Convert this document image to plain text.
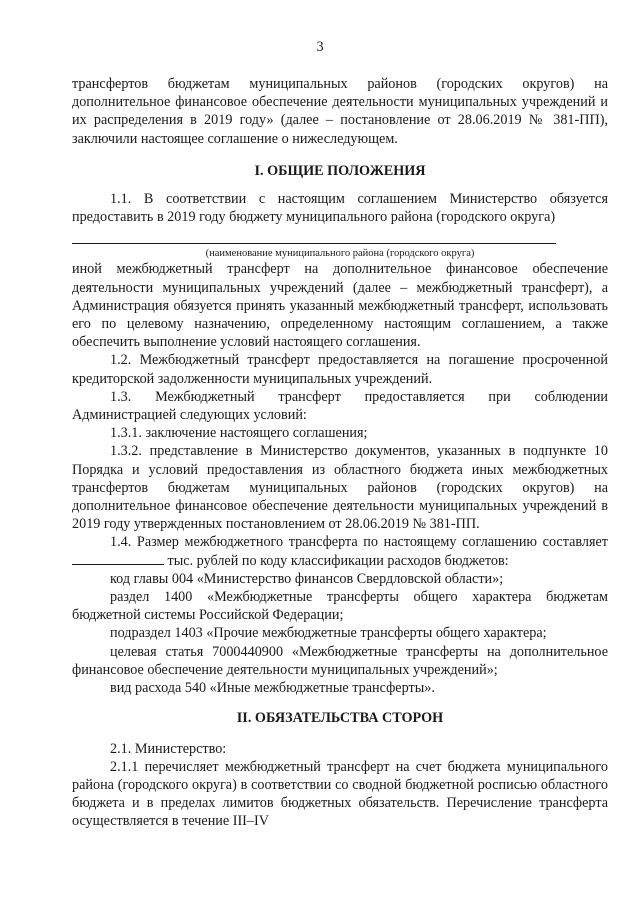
3

трансфертов бюджетам муниципальных районов (городских округов) на дополнительное финансовое обеспечение деятельности муниципальных учреждений и их распределения в 2019 году» (далее – постановление от 28.06.2019 № 381-ПП), заключили настоящее соглашение о нижеследующем.

I. ОБЩИЕ ПОЛОЖЕНИЯ

1.1. В соответствии с настоящим соглашением Министерство обязуется предоставить в 2019 году бюджету муниципального района (городского округа)

(наименование муниципального района (городского округа)

иной межбюджетный трансферт на дополнительное финансовое обеспечение деятельности муниципальных учреждений (далее – межбюджетный трансферт), а Администрация обязуется принять указанный межбюджетный трансферт, использовать его по целевому назначению, определенному настоящим соглашением, а также обеспечить выполнение условий настоящего соглашения.

1.2. Межбюджетный трансферт предоставляется на погашение просроченной кредиторской задолженности муниципальных учреждений.

1.3. Межбюджетный трансферт предоставляется при соблюдении Администрацией следующих условий:

1.3.1. заключение настоящего соглашения;

1.3.2. представление в Министерство документов, указанных в подпункте 10 Порядка и условий предоставления из областного бюджета иных межбюджетных трансфертов бюджетам муниципальных районов (городских округов) на дополнительное финансовое обеспечение деятельности муниципальных учреждений в 2019 году утвержденных постановлением от 28.06.2019 № 381-ПП.

1.4. Размер межбюджетного трансферта по настоящему соглашению составляет  тыс. рублей по коду классификации расходов бюджетов:

код главы 004 «Министерство финансов Свердловской области»;

раздел 1400 «Межбюджетные трансферты общего характера бюджетам бюджетной системы Российской Федерации;

подраздел 1403 «Прочие межбюджетные трансферты общего характера;

целевая статья 7000440900 «Межбюджетные трансферты на дополнительное финансовое обеспечение деятельности муниципальных учреждений»;

вид расхода 540 «Иные межбюджетные трансферты».

II. ОБЯЗАТЕЛЬСТВА СТОРОН

2.1. Министерство:

2.1.1 перечисляет межбюджетный трансферт на счет бюджета муниципального района (городского округа) в соответствии со сводной бюджетной росписью областного бюджета и в пределах лимитов бюджетных обязательств. Перечисление трансферта осуществляется в течение III–IV
